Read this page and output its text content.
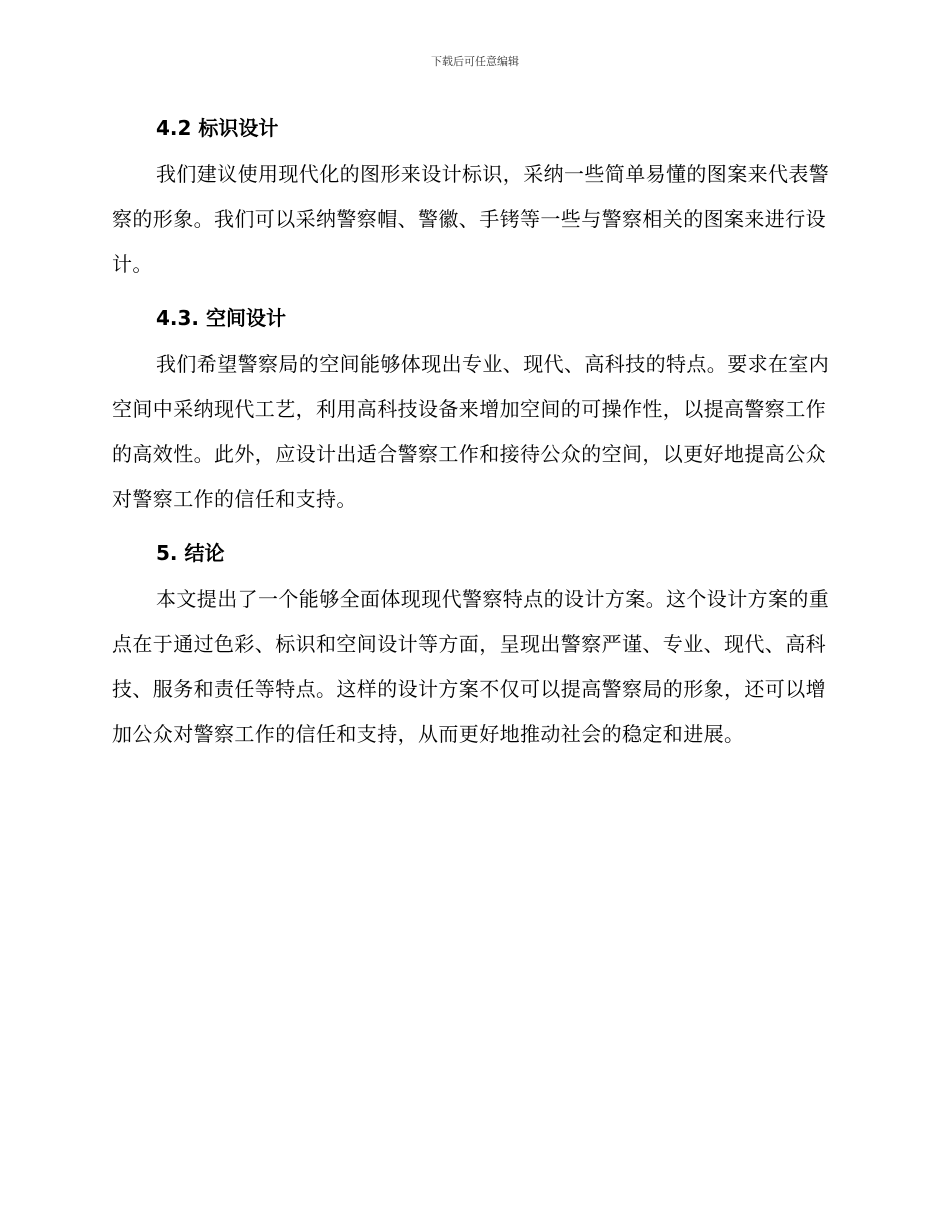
下载后可任意编辑
4.2 标识设计

我们建议使用现代化的图形来设计标识，采纳一些简单易懂的图案来代表警察的形象。我们可以采纳警察帽、警徽、手铐等一些与警察相关的图案来进行设计。

4.3. 空间设计

我们希望警察局的空间能够体现出专业、现代、高科技的特点。要求在室内空间中采纳现代工艺，利用高科技设备来增加空间的可操作性，以提高警察工作的高效性。此外，应设计出适合警察工作和接待公众的空间，以更好地提高公众对警察工作的信任和支持。

5. 结论

本文提出了一个能够全面体现现代警察特点的设计方案。这个设计方案的重点在于通过色彩、标识和空间设计等方面，呈现出警察严谨、专业、现代、高科技、服务和责任等特点。这样的设计方案不仅可以提高警察局的形象，还可以增加公众对警察工作的信任和支持，从而更好地推动社会的稳定和进展。
